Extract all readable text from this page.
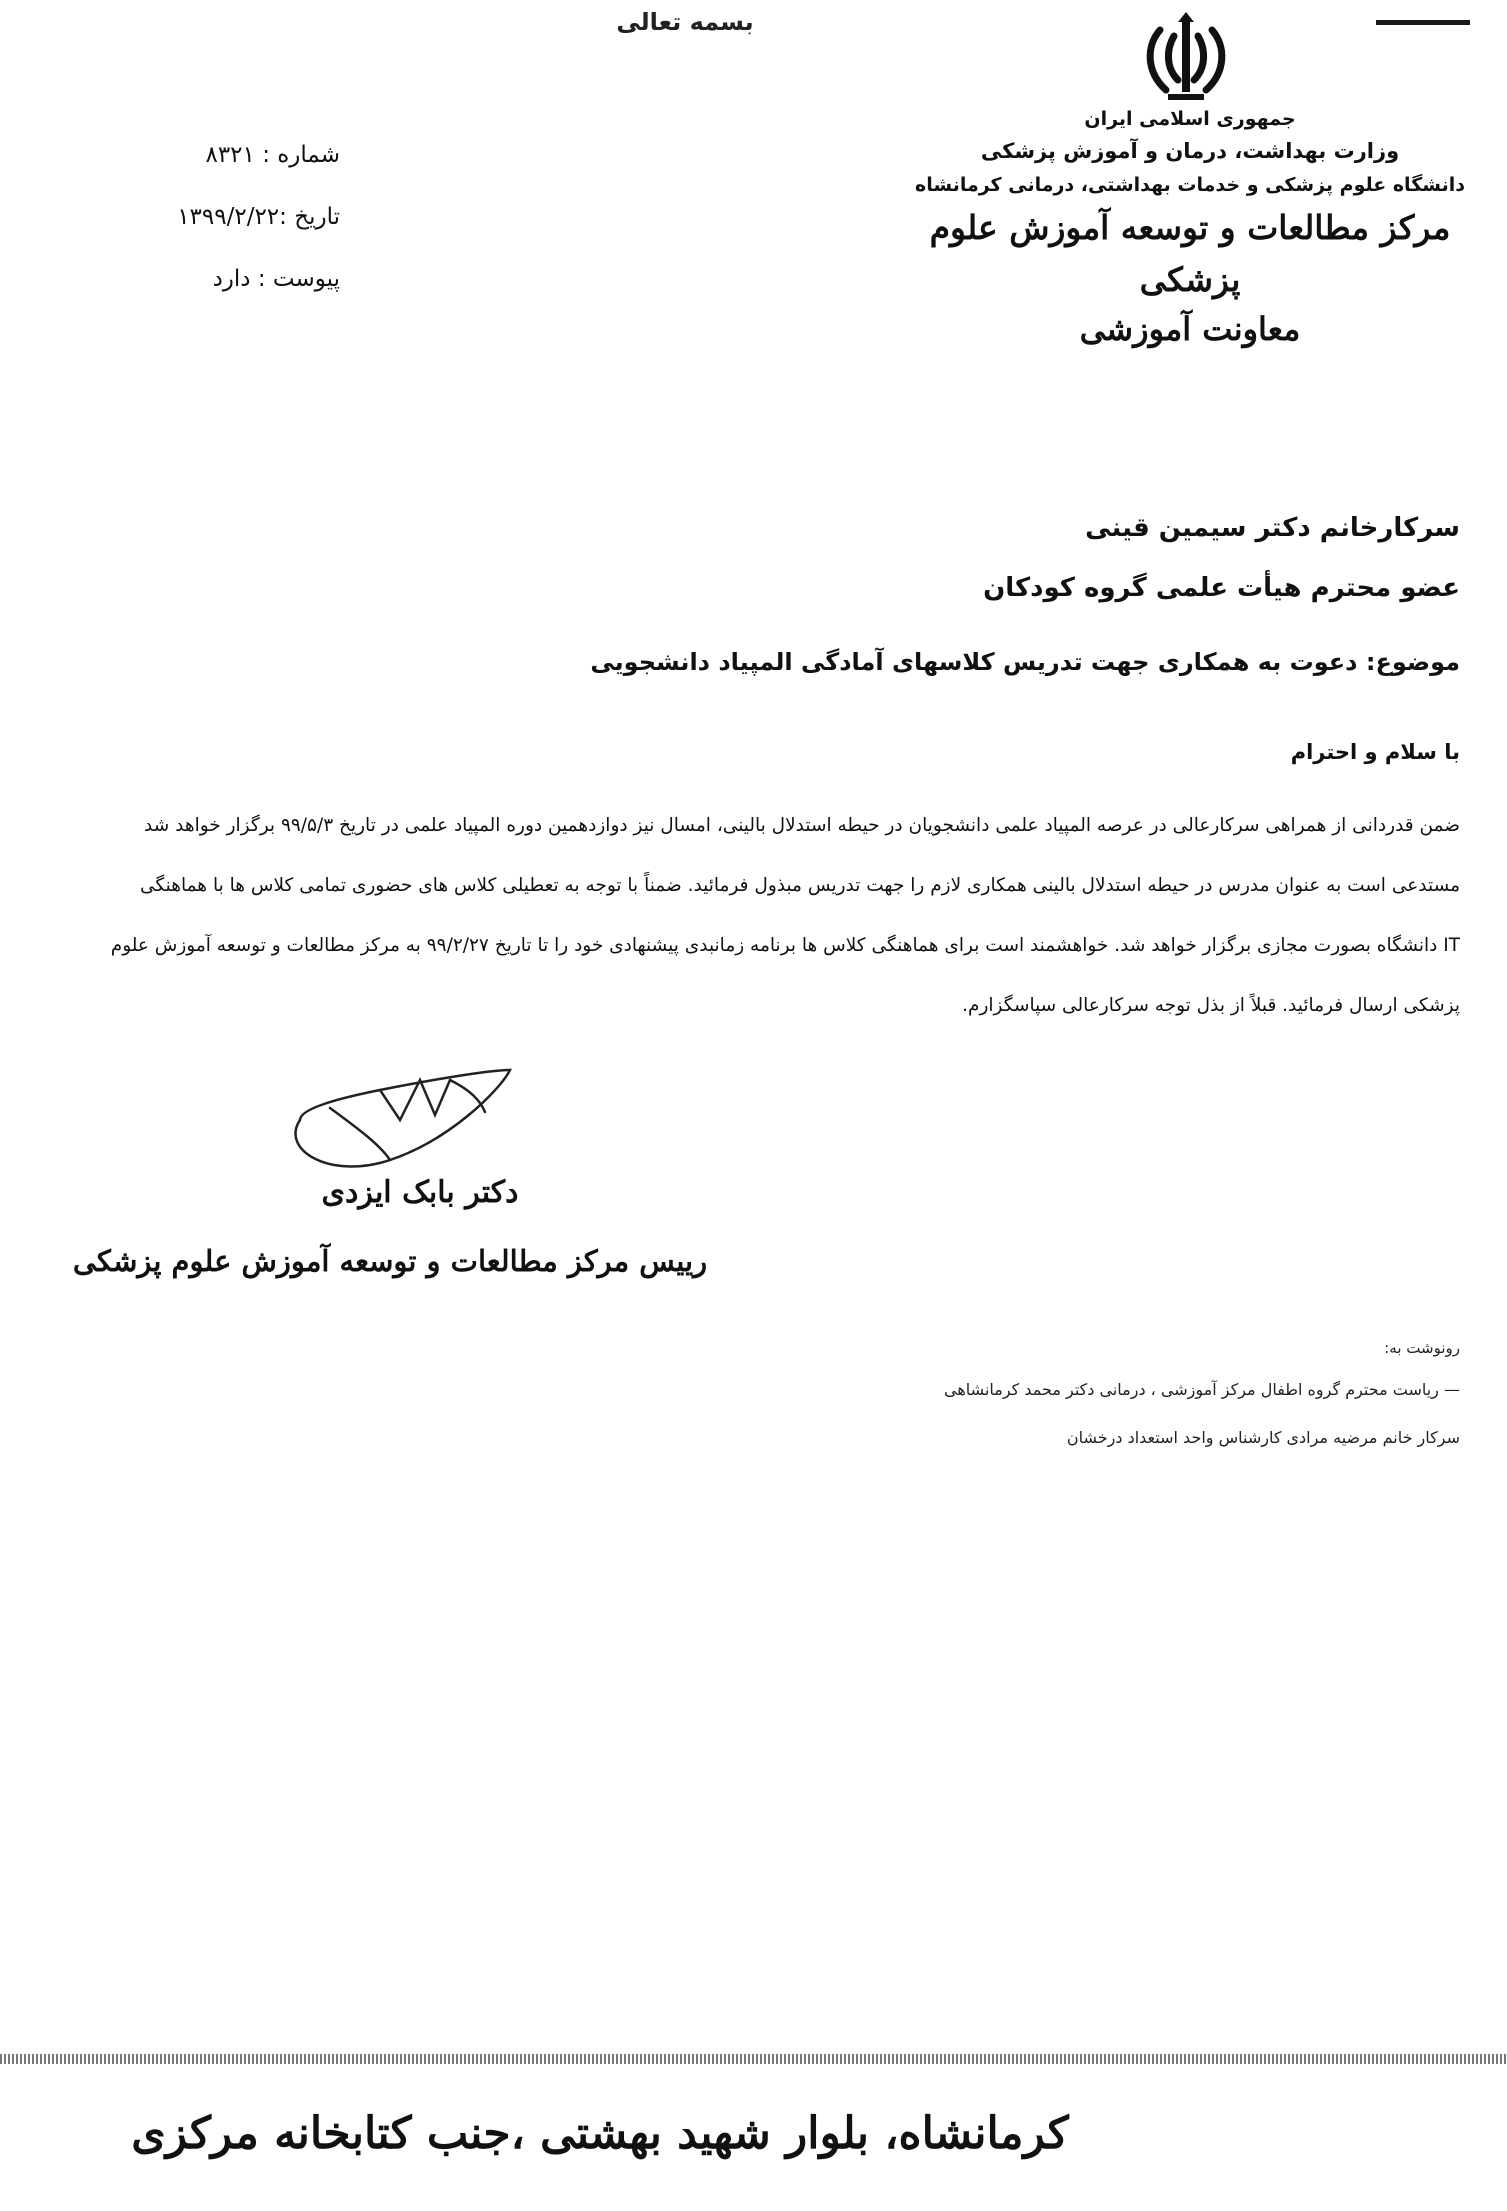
بسمه تعالی
جمهوری اسلامی ایران
وزارت بهداشت، درمان و آموزش پزشکی
دانشگاه علوم پزشکی و خدمات بهداشتی، درمانی کرمانشاه
مرکز مطالعات و توسعه آموزش علوم پزشکی
معاونت آموزشی
شماره : ۸۳۲۱
تاریخ :۱۳۹۹/۲/۲۲
پیوست : دارد
سرکارخانم دکتر سیمین قینی
عضو محترم هیأت علمی گروه کودکان
موضوع: دعوت به همکاری جهت تدریس کلاسهای آمادگی المپیاد دانشجویی
با سلام و احترام
ضمن قدردانی از همراهی سرکارعالی در عرصه المپیاد علمی دانشجویان در حیطه استدلال بالینی، امسال نیز دوازدهمین دوره المپیاد علمی در تاریخ ۹۹/۵/۳ برگزار خواهد شد
مستدعی است به عنوان مدرس در حیطه استدلال بالینی همکاری لازم را جهت تدریس مبذول فرمائید. ضمناً با توجه به تعطیلی کلاس های حضوری تمامی کلاس ها با هماهنگی
IT دانشگاه بصورت مجازی برگزار خواهد شد. خواهشمند است برای هماهنگی کلاس ها برنامه زمانبدی پیشنهادی خود را تا تاریخ ۹۹/۲/۲۷ به مرکز مطالعات و توسعه آموزش علوم
پزشکی ارسال فرمائید. قبلاً از بذل توجه سرکارعالی سپاسگزارم.
دکتر بابک ایزدی
رییس مرکز مطالعات و توسعه آموزش علوم پزشکی
رونوشت به:
— ریاست محترم گروه اطفال مرکز آموزشی ، درمانی دکتر محمد کرمانشاهی
سرکار خانم مرضیه مرادی کارشناس واحد استعداد درخشان
کرمانشاه، بلوار شهید بهشتی ،جنب کتابخانه مرکزی
